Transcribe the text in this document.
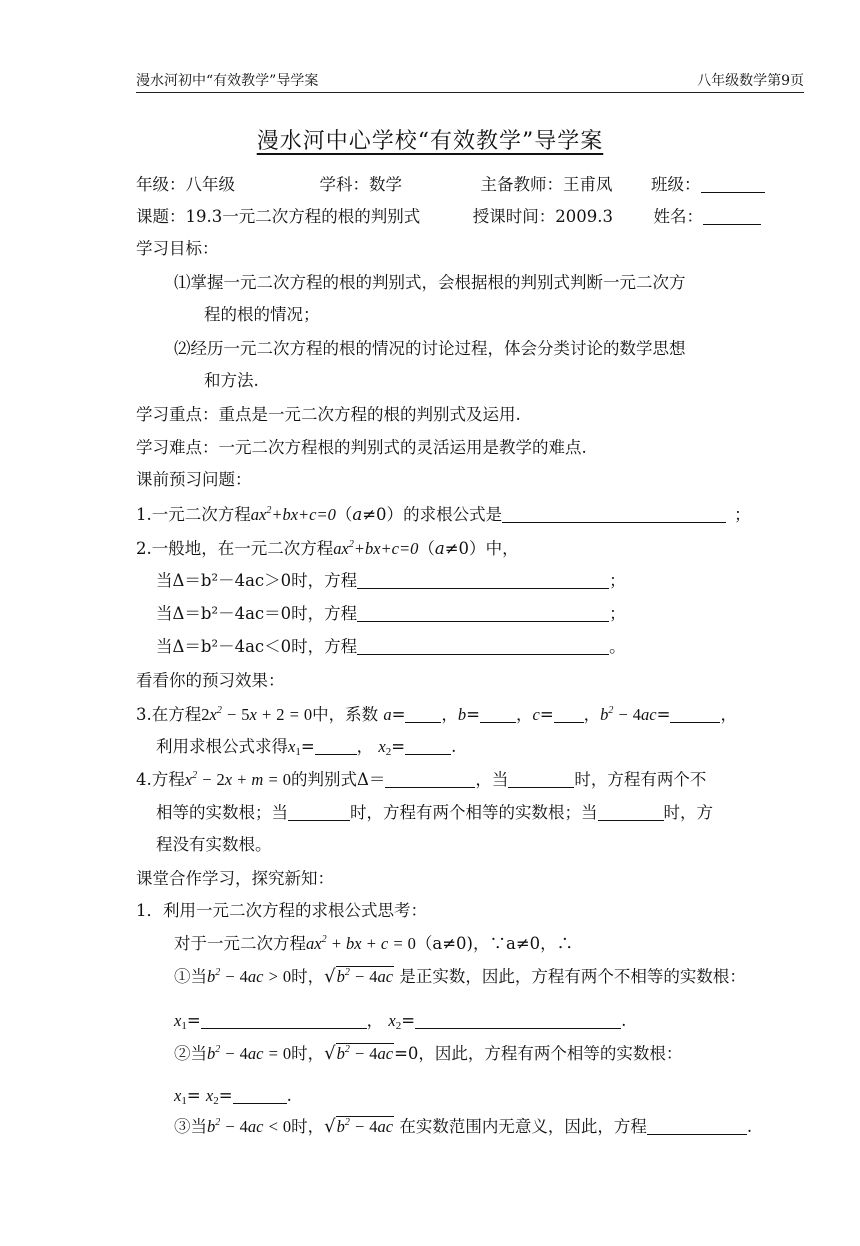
漫水河初中“有效教学”导学案	八年级数学第9页
漫水河中心学校“有效教学”导学案
年级：八年级	学科：数学	主备教师：王甫凤 班级：
课题：19.3一元二次方程的根的判别式	授课时间：2009.3 姓名：
学习目标：
⑴掌握一元二次方程的根的判别式，会根据根的判别式判断一元二次方
程的根的情况；
⑵经历一元二次方程的根的情况的讨论过程，体会分类讨论的数学思想
和方法.
学习重点：重点是一元二次方程的根的判别式及运用.
学习难点：一元二次方程根的判别式的灵活运用是教学的难点.
课前预习问题：
1.一元二次方程$ax^2+bx+c=0(a\ne 0)$的求根公式是	；
2.一般地，在一元二次方程$ax^2+bx+c=0(a\ne 0)$中，
当Δ＝b²－4ac＞0时，方程	；
当Δ＝b²－4ac＝0时，方程	；
当Δ＝b²－4ac＜0时，方程	。
看看你的预习效果：
3.在方程$2x^2 - 5x + 2 = 0$中，系数 a= ，b= ，c= ，$b^2 - 4ac=$	，
利用求根公式求得$x_1=$	， $x_2=$	.
4.方程$x^2 - 2x + m = 0$的判别式Δ＝	，当	时，方程有两个不
相等的实数根；当	时，方程有两个相等的实数根；当	时，方
程没有实数根。
课堂合作学习，探究新知：
1．利用一元二次方程的求根公式思考：
对于一元二次方程$ax^2$ + bx + c = 0（a≠0)，∵a≠0，∴
①当$b^2 - 4ac > 0$时，$√b^2 - 4ac$ 是正实数，因此，方程有两个不相等的实数根：
$x_1=$	， $x_2=$	.
②当$b^2 - 4ac = 0$时，$√b^2 - 4ac=0$，因此，方程有两个相等的实数根：
$x_1= x_2=$	.
③当$b^2 - 4ac < 0$时，$√b^2 - 4ac$ 在实数范围内无意义，因此，方程	.
